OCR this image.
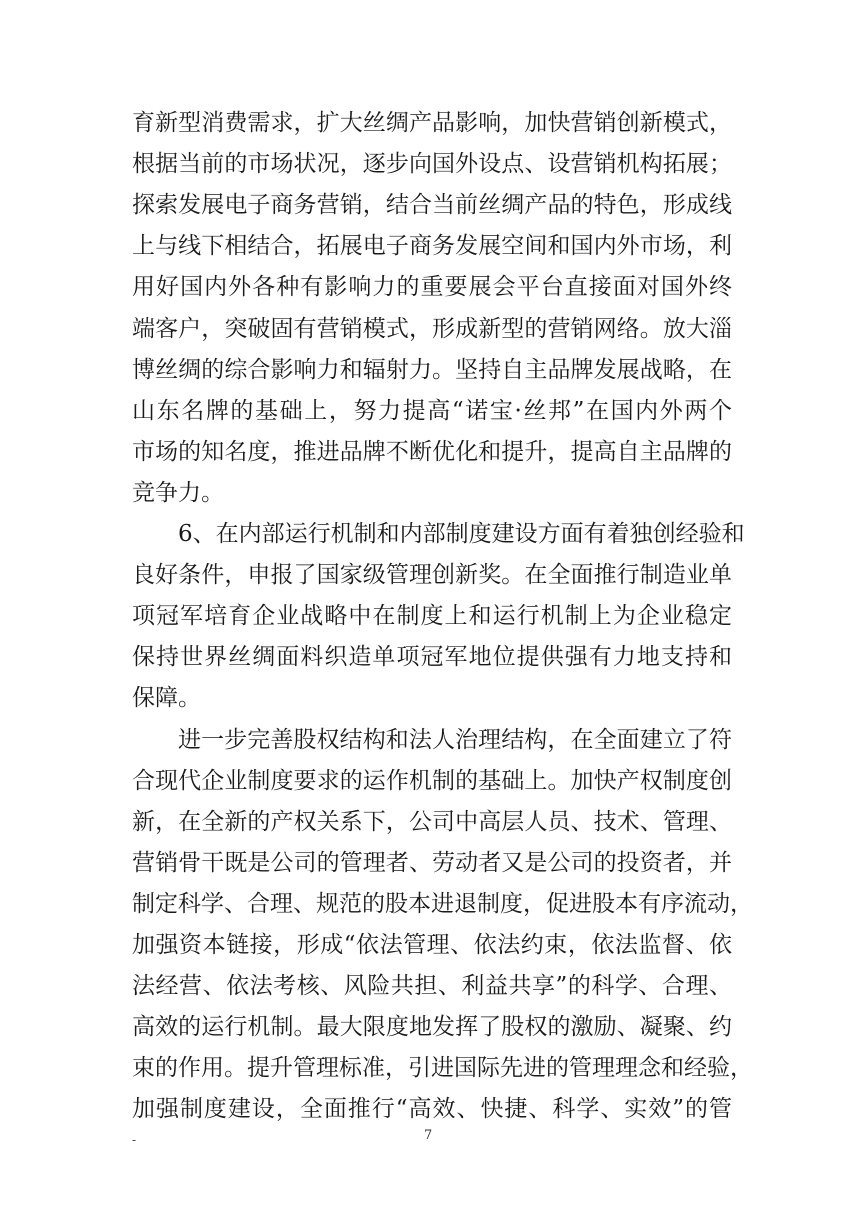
育新型消费需求，扩大丝绸产品影响，加快营销创新模式，
根据当前的市场状况，逐步向国外设点、设营销机构拓展；
探索发展电子商务营销，结合当前丝绸产品的特色，形成线
上与线下相结合，拓展电子商务发展空间和国内外市场，利
用好国内外各种有影响力的重要展会平台直接面对国外终
端客户，突破固有营销模式，形成新型的营销网络。放大淄
博丝绸的综合影响力和辐射力。坚持自主品牌发展战略，在
山东名牌的基础上，努力提高“诺宝·丝邦”在国内外两个
市场的知名度，推进品牌不断优化和提升，提高自主品牌的
竞争力。
6、在内部运行机制和内部制度建设方面有着独创经验和
良好条件，申报了国家级管理创新奖。在全面推行制造业单
项冠军培育企业战略中在制度上和运行机制上为企业稳定
保持世界丝绸面料织造单项冠军地位提供强有力地支持和
保障。
进一步完善股权结构和法人治理结构，在全面建立了符
合现代企业制度要求的运作机制的基础上。加快产权制度创
新，在全新的产权关系下，公司中高层人员、技术、管理、
营销骨干既是公司的管理者、劳动者又是公司的投资者，并
制定科学、合理、规范的股本进退制度，促进股本有序流动，
加强资本链接，形成“依法管理、依法约束，依法监督、依
法经营、依法考核、风险共担、利益共享”的科学、合理、
高效的运行机制。最大限度地发挥了股权的激励、凝聚、约
束的作用。提升管理标准，引进国际先进的管理理念和经验，
加强制度建设，全面推行“高效、快捷、科学、实效”的管
-	7
